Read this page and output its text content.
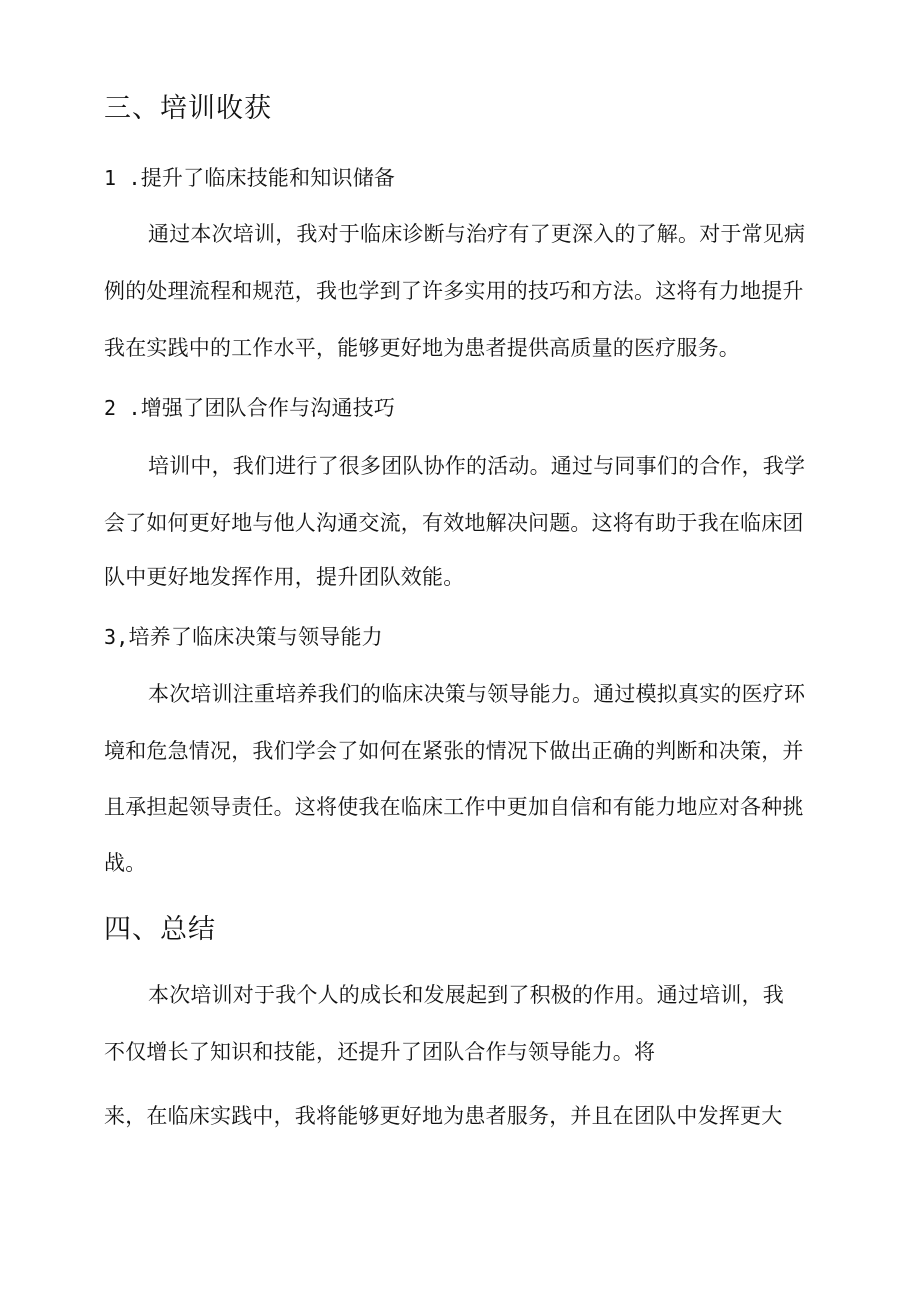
三、培训收获
1 .提升了临床技能和知识储备
通过本次培训，我对于临床诊断与治疗有了更深入的了解。对于常见病
例的处理流程和规范，我也学到了许多实用的技巧和方法。这将有力地提升
我在实践中的工作水平，能够更好地为患者提供高质量的医疗服务。
2 .增强了团队合作与沟通技巧
培训中，我们进行了很多团队协作的活动。通过与同事们的合作，我学
会了如何更好地与他人沟通交流，有效地解决问题。这将有助于我在临床团
队中更好地发挥作用，提升团队效能。
3,培养了临床决策与领导能力
本次培训注重培养我们的临床决策与领导能力。通过模拟真实的医疗环
境和危急情况，我们学会了如何在紧张的情况下做出正确的判断和决策，并
且承担起领导责任。这将使我在临床工作中更加自信和有能力地应对各种挑
战。
四、总结
本次培训对于我个人的成长和发展起到了积极的作用。通过培训，我
不仅增长了知识和技能，还提升了团队合作与领导能力。将
来，在临床实践中，我将能够更好地为患者服务，并且在团队中发挥更大
